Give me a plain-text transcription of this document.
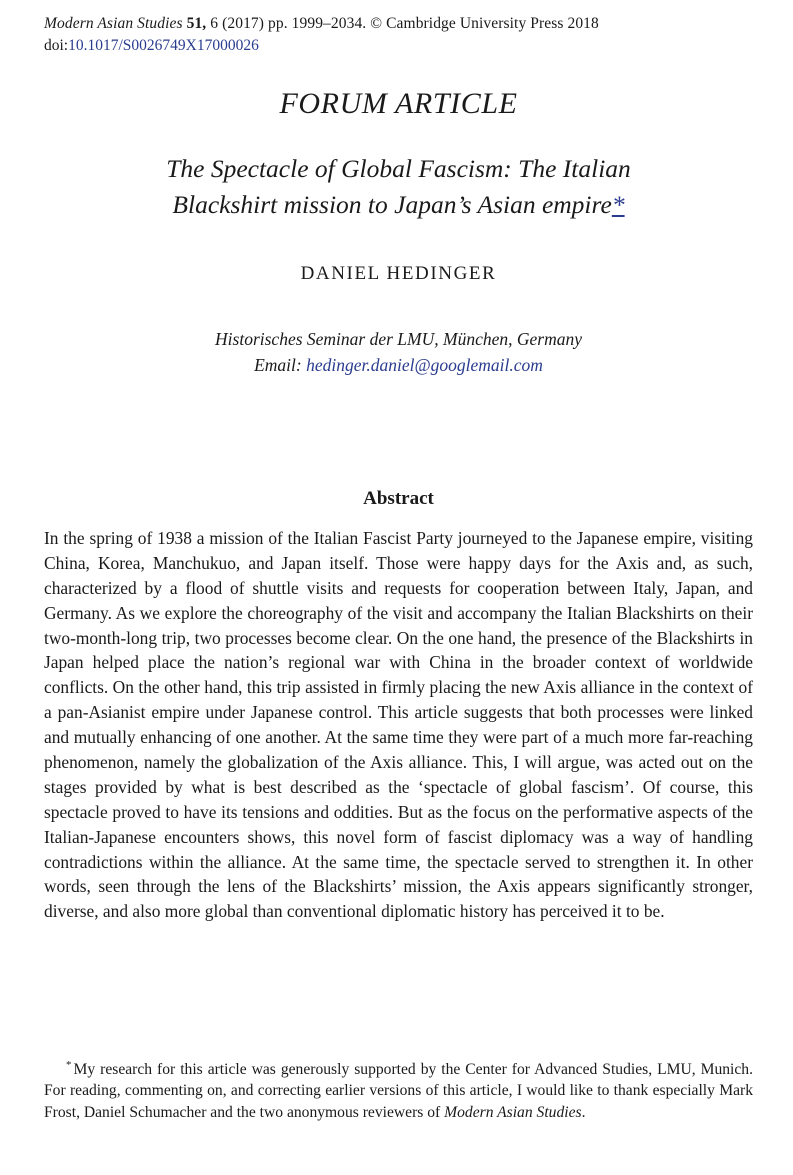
Modern Asian Studies 51, 6 (2017) pp. 1999–2034. © Cambridge University Press 2018
doi:10.1017/S0026749X17000026
FORUM ARTICLE
The Spectacle of Global Fascism: The Italian
Blackshirt mission to Japan’s Asian empire*
DANIEL HEDINGER
Historisches Seminar der LMU, München, Germany
Email: hedinger.daniel@googlemail.com
Abstract
In the spring of 1938 a mission of the Italian Fascist Party journeyed to the Japanese empire, visiting China, Korea, Manchukuo, and Japan itself. Those were happy days for the Axis and, as such, characterized by a flood of shuttle visits and requests for cooperation between Italy, Japan, and Germany. As we explore the choreography of the visit and accompany the Italian Blackshirts on their two-month-long trip, two processes become clear. On the one hand, the presence of the Blackshirts in Japan helped place the nation’s regional war with China in the broader context of worldwide conflicts. On the other hand, this trip assisted in firmly placing the new Axis alliance in the context of a pan-Asianist empire under Japanese control. This article suggests that both processes were linked and mutually enhancing of one another. At the same time they were part of a much more far-reaching phenomenon, namely the globalization of the Axis alliance. This, I will argue, was acted out on the stages provided by what is best described as the ‘spectacle of global fascism’. Of course, this spectacle proved to have its tensions and oddities. But as the focus on the performative aspects of the Italian-Japanese encounters shows, this novel form of fascist diplomacy was a way of handling contradictions within the alliance. At the same time, the spectacle served to strengthen it. In other words, seen through the lens of the Blackshirts’ mission, the Axis appears significantly stronger, diverse, and also more global than conventional diplomatic history has perceived it to be.
* My research for this article was generously supported by the Center for Advanced Studies, LMU, Munich. For reading, commenting on, and correcting earlier versions of this article, I would like to thank especially Mark Frost, Daniel Schumacher and the two anonymous reviewers of Modern Asian Studies.
